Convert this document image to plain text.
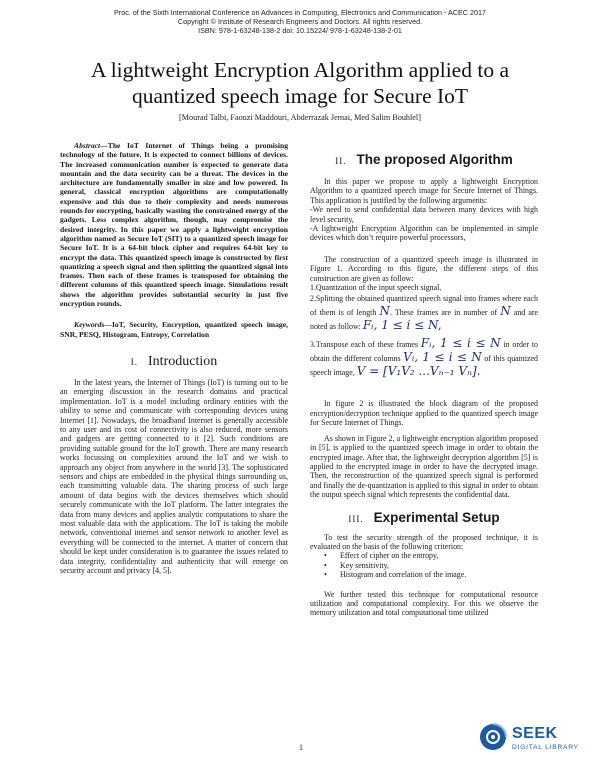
Proc. of the Sixth International Conference on Advances in Computing, Electronics and Communication - ACEC 2017
Copyright © Institute of Research Engineers and Doctors. All rights reserved.
ISBN: 978-1-63248-138-2 doi: 10.15224/ 978-1-63248-138-2-01
A lightweight Encryption Algorithm applied to a
quantized speech image for Secure IoT
[Mourad Talbi, Faouzi Maddouri, Abderrazak Jemai, Med Salim Bouhlel]

Abstract—The IoT Internet of Things being a promising technology of the future. It is expected to connect billions of devices. The increased communication number is expected to generate data mountain and the data security can be a threat. The devices in the architecture are fundamentally smaller in size and low powered. In general, classical encryption algorithms are computationally expensive and this due to their complexity and needs numerous rounds for encrypting, basically wasting the constrained energy of the gadgets. Less complex algorithm, though, may compromise the desired integrity. In this paper we apply a lightweight encryption algorithm named as Secure IoT (SIT) to a quantized speech image for Secure IoT. It is a 64-bit block cipher and requires 64-bit key to encrypt the data. This quantized speech image is constructed by first quantizing a speech signal and then splitting the quantized signal into frames. Then each of these frames is transposed for obtaining the different columns of this quantized speech image. Simulations result shows the algorithm provides substantial security in just five encryption rounds.

Keywords—IoT, Security, Encryption, quantized speech image, SNR, PESQ, Histogram, Entropy, Correlation

I. Introduction

In the latest years, the Internet of Things (IoT) is turning out to be an emerging discussion in the research domains and practical implementation. IoT is a model including ordinary entities with the ability to sense and communicate with corresponding devices using Internet [1]. Nowadays, the broadband Internet is generally accessible to any user and its cost of connectivity is also reduced, more sensors and gadgets are getting connected to it [2]. Such conditions are providing suitable ground for the IoT growth. There are many research works focussing on complexities around the IoT and we wish to approach any object from anywhere in the world [3]. The sophisticated sensors and chips are embedded in the physical things surrounding us, each transmitting valuable data. The sharing process of such large amount of data begins with the devices themselves which should securely communicate with the IoT platform. The latter integrates the data from many devices and applies analytic computations to share the most valuable data with the applications. The IoT is taking the mobile network, conventional internet and sensor network to another level as everything will be connected to the internet. A matter of concern that should be kept under consideration is to guarantee the issues related to data integrity, confidentiality and authenticity that will emerge on security account and privacy [4, 5].

II. The proposed Algorithm

In this paper we propose to apply a lightweight Encryption Algorithm to a quantized speech image for Secure Internet of Things. This application is justified by the following arguments:

-We need to send confidential data between many devices with high level security,

-A lightweight Encryption Algorithm can be implemented in simple devices which don’t require powerful processors,

The construction of a quantized speech image is illustrated in Figure 1. According to this figure, the different steps of this construction are given as follow:

1.Quantization of the input speech signal,

2.Splitting the obtained quantized speech signal into frames where each of them is of length N. These frames are in number of N and are noted as follow: Fᵢ, 1 ≤ i ≤ N,

3.Transpose each of these frames Fᵢ, 1 ≤ i ≤ N in order to obtain the different columns Vᵢ, 1 ≤ i ≤ N of this quantized speech image, V = [V₁V₂ ...Vₙ₋₁ Vₙ].

In figure 2 is illustrated the block diagram of the proposed encryption/decryption technique applied to the quantized speech image for Secure Internet of Things.

As shown in Figure 2, a lightweight encryption algorithm proposed in [5], is applied to the quantized speech image in order to obtain the encrypted image. After that, the lightweight decryption algorithm [5] is applied to the encrypted image in order to have the decrypted image. Then, the reconstruction of the quantized speech signal is performed and finally the de-quantization is applied to this signal in order to obtain the output speech signal which represents the confidential data.

III. Experimental Setup

To test the security strength of the proposed technique, it is evaluated on the basis of the following criterion:

• Effect of cipher on the entropy,
• Key sensitivity,
• Histogram and correlation of the image.

We further tested this technique for computational resource utilization and computational complexity. For this we observe the memory utilization and total computational time utilized

1
SEEK
DIGITAL LIBRARY
